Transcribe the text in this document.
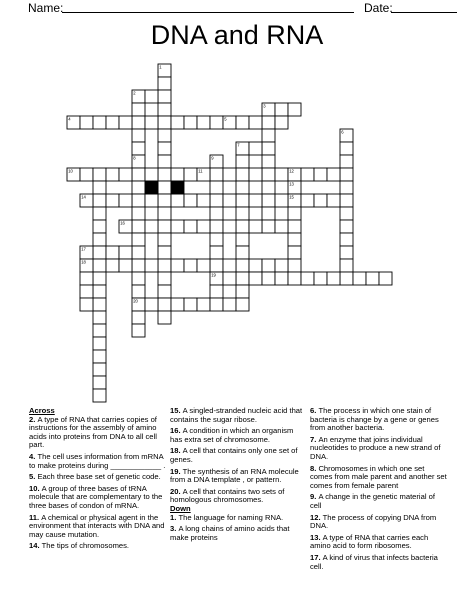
Name:	Date:
DNA and RNA
1
2
3
4	5
6
7
8
20
9
19
10	11	12
13
15
14
16
17
18
Across
2. A type of RNA that carries copies of instructions for the assembly of amino acids into proteins from DNA to all cell part.
4. The cell uses information from mRNA to make proteins during ____________ .
5. Each three base set of genetic code.
10. A group of three bases of tRNA molecule that are complementary to the three bases of condon of mRNA.
11. A chemical or physical agent in the environment that interacts with DNA and may cause mutation.
14. The tips of chromosomes.
15. A singled-stranded nucleic acid that contains the sugar ribose.
16. A condition in which an organism has extra set of chromosome.
18. A cell that contains only one set of genes.
19. The synthesis of an RNA molecule from a DNA template , or pattern.
20. A cell that contains two sets of homologous chromosomes.
Down
1. The language for naming RNA.
3. A long chains of amino acids that make proteins
6. The process in which one stain of bacteria is change by a gene or genes from another bacteria.
7. An enzyme that joins individual nucleotides to produce a new strand of DNA.
8. Chromosomes in which one set comes from male parent and another set comes from female parent
9. A change in the genetic material of cell
12. The process of copying DNA from DNA.
13. A type of RNA that carries each amino acid to form ribosomes.
17. A kind of virus that infects bacteria cell.
